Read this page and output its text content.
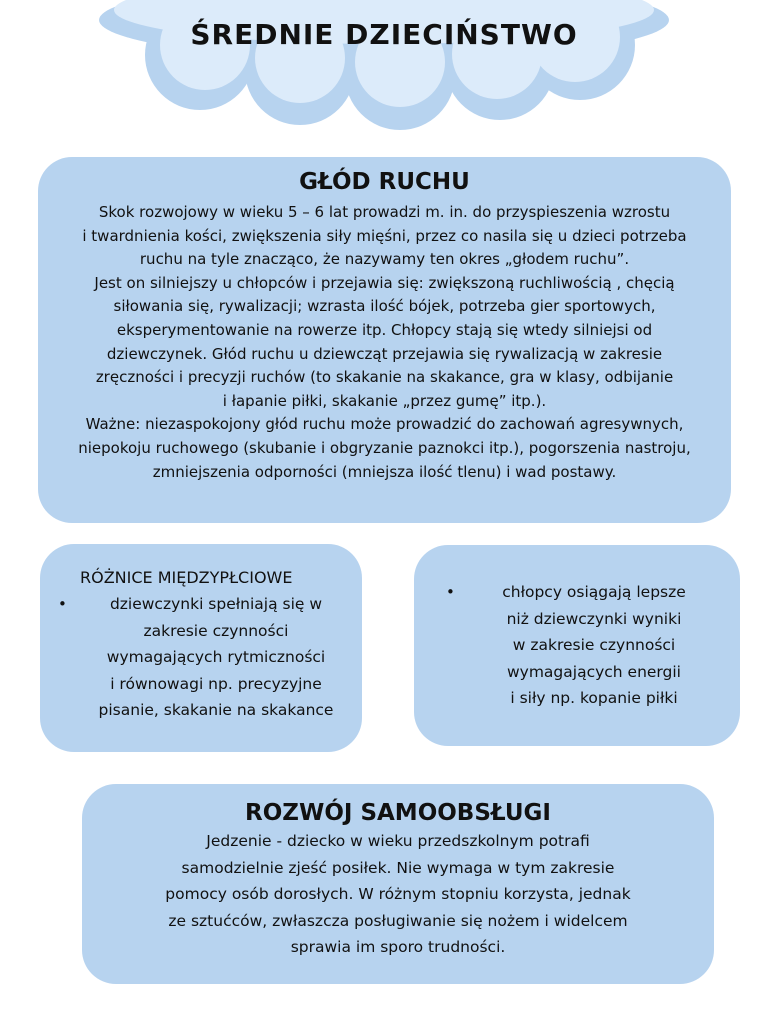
ŚREDNIE DZIECIŃSTWO
GŁÓD RUCHU

Skok rozwojowy w wieku 5 – 6 lat prowadzi m. in. do przyspieszenia wzrostu

i twardnienia kości, zwiększenia siły mięśni, przez co nasila się u dzieci potrzeba

ruchu na tyle znacząco, że nazywamy ten okres „głodem ruchu”.

Jest on silniejszy u chłopców i przejawia się: zwiększoną ruchliwością , chęcią

siłowania się, rywalizacji; wzrasta ilość bójek, potrzeba gier sportowych,

eksperymentowanie na rowerze itp. Chłopcy stają się wtedy silniejsi od

dziewczynek. Głód ruchu u dziewcząt przejawia się rywalizacją w zakresie

zręczności i precyzji ruchów (to skakanie na skakance, gra w klasy, odbijanie

i łapanie piłki, skakanie „przez gumę” itp.).

Ważne: niezaspokojony głód ruchu może prowadzić do zachowań agresywnych,

niepokoju ruchowego (skubanie i obgryzanie paznokci itp.), pogorszenia nastroju,

zmniejszenia odporności (mniejsza ilość tlenu) i wad postawy.

RÓŻNICE MIĘDZYPŁCIOWE
•	dziewczynki spełniają się w
zakresie czynności
wymagających rytmiczności
i równowagi np. precyzyjne
pisanie, skakanie na skakance
•	chłopcy osiągają lepsze
niż dziewczynki wyniki
w zakresie czynności
wymagających energii
i siły np. kopanie piłki
ROZWÓJ SAMOOBSŁUGI

Jedzenie - dziecko w wieku przedszkolnym potrafi

samodzielnie zjeść posiłek. Nie wymaga w tym zakresie

pomocy osób dorosłych. W różnym stopniu korzysta, jednak

ze sztućców, zwłaszcza posługiwanie się nożem i widelcem

sprawia im sporo trudności.
